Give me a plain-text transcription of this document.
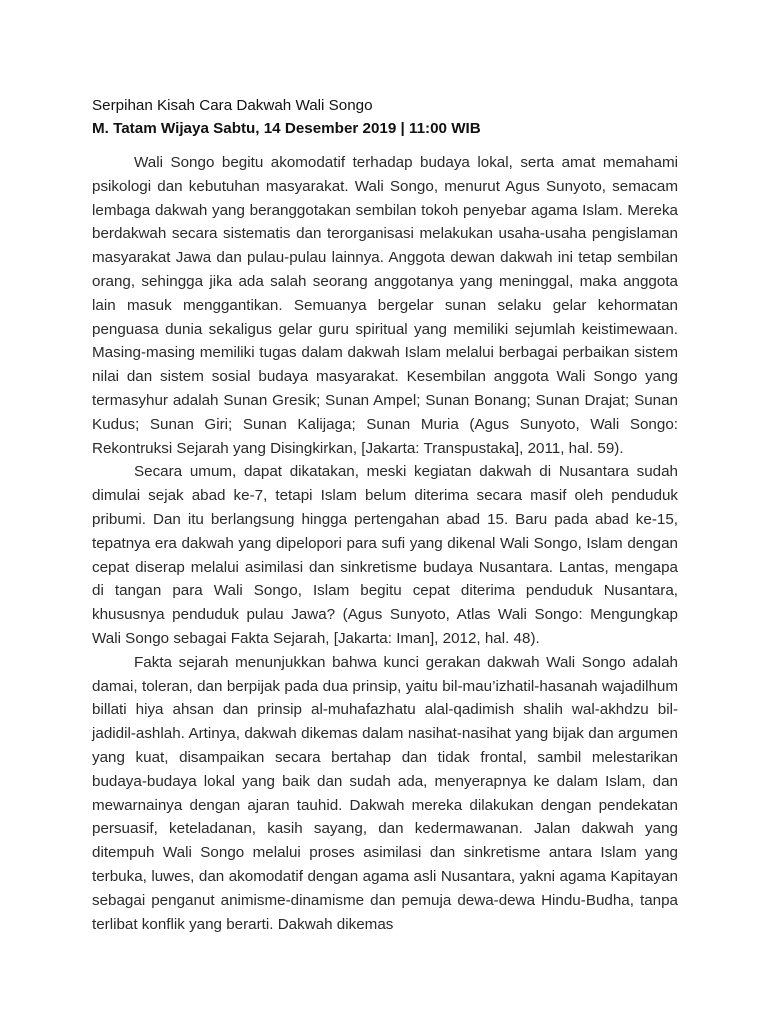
Serpihan Kisah Cara Dakwah Wali Songo

M. Tatam Wijaya Sabtu, 14 Desember 2019 | 11:00 WIB

Wali Songo begitu akomodatif terhadap budaya lokal, serta amat memahami psikologi dan kebutuhan masyarakat. Wali Songo, menurut Agus Sunyoto, semacam lembaga dakwah yang beranggotakan sembilan tokoh penyebar agama Islam. Mereka berdakwah secara sistematis dan terorganisasi melakukan usaha-usaha pengislaman masyarakat Jawa dan pulau-pulau lainnya. Anggota dewan dakwah ini tetap sembilan orang, sehingga jika ada salah seorang anggotanya yang meninggal, maka anggota lain masuk menggantikan. Semuanya bergelar sunan selaku gelar kehormatan penguasa dunia sekaligus gelar guru spiritual yang memiliki sejumlah keistimewaan. Masing-masing memiliki tugas dalam dakwah Islam melalui berbagai perbaikan sistem nilai dan sistem sosial budaya masyarakat. Kesembilan anggota Wali Songo yang termasyhur adalah Sunan Gresik; Sunan Ampel; Sunan Bonang; Sunan Drajat; Sunan Kudus; Sunan Giri; Sunan Kalijaga; Sunan Muria (Agus Sunyoto, Wali Songo: Rekontruksi Sejarah yang Disingkirkan, [Jakarta: Transpustaka], 2011, hal. 59).

Secara umum, dapat dikatakan, meski kegiatan dakwah di Nusantara sudah dimulai sejak abad ke-7, tetapi Islam belum diterima secara masif oleh penduduk pribumi. Dan itu berlangsung hingga pertengahan abad 15. Baru pada abad ke-15, tepatnya era dakwah yang dipelopori para sufi yang dikenal Wali Songo, Islam dengan cepat diserap melalui asimilasi dan sinkretisme budaya Nusantara. Lantas, mengapa di tangan para Wali Songo, Islam begitu cepat diterima penduduk Nusantara, khususnya penduduk pulau Jawa? (Agus Sunyoto, Atlas Wali Songo: Mengungkap Wali Songo sebagai Fakta Sejarah, [Jakarta: Iman], 2012, hal. 48).

Fakta sejarah menunjukkan bahwa kunci gerakan dakwah Wali Songo adalah damai, toleran, dan berpijak pada dua prinsip, yaitu bil-mau’izhatil-hasanah wajadilhum billati hiya ahsan dan prinsip al-muhafazhatu alal-qadimish shalih wal-akhdzu bil-jadidil-ashlah. Artinya, dakwah dikemas dalam nasihat-nasihat yang bijak dan argumen yang kuat, disampaikan secara bertahap dan tidak frontal, sambil melestarikan budaya-budaya lokal yang baik dan sudah ada, menyerapnya ke dalam Islam, dan mewarnainya dengan ajaran tauhid. Dakwah mereka dilakukan dengan pendekatan persuasif, keteladanan, kasih sayang, dan kedermawanan. Jalan dakwah yang ditempuh Wali Songo melalui proses asimilasi dan sinkretisme antara Islam yang terbuka, luwes, dan akomodatif dengan agama asli Nusantara, yakni agama Kapitayan sebagai penganut animisme-dinamisme dan pemuja dewa-dewa Hindu-Budha, tanpa terlibat konflik yang berarti. Dakwah dikemas
